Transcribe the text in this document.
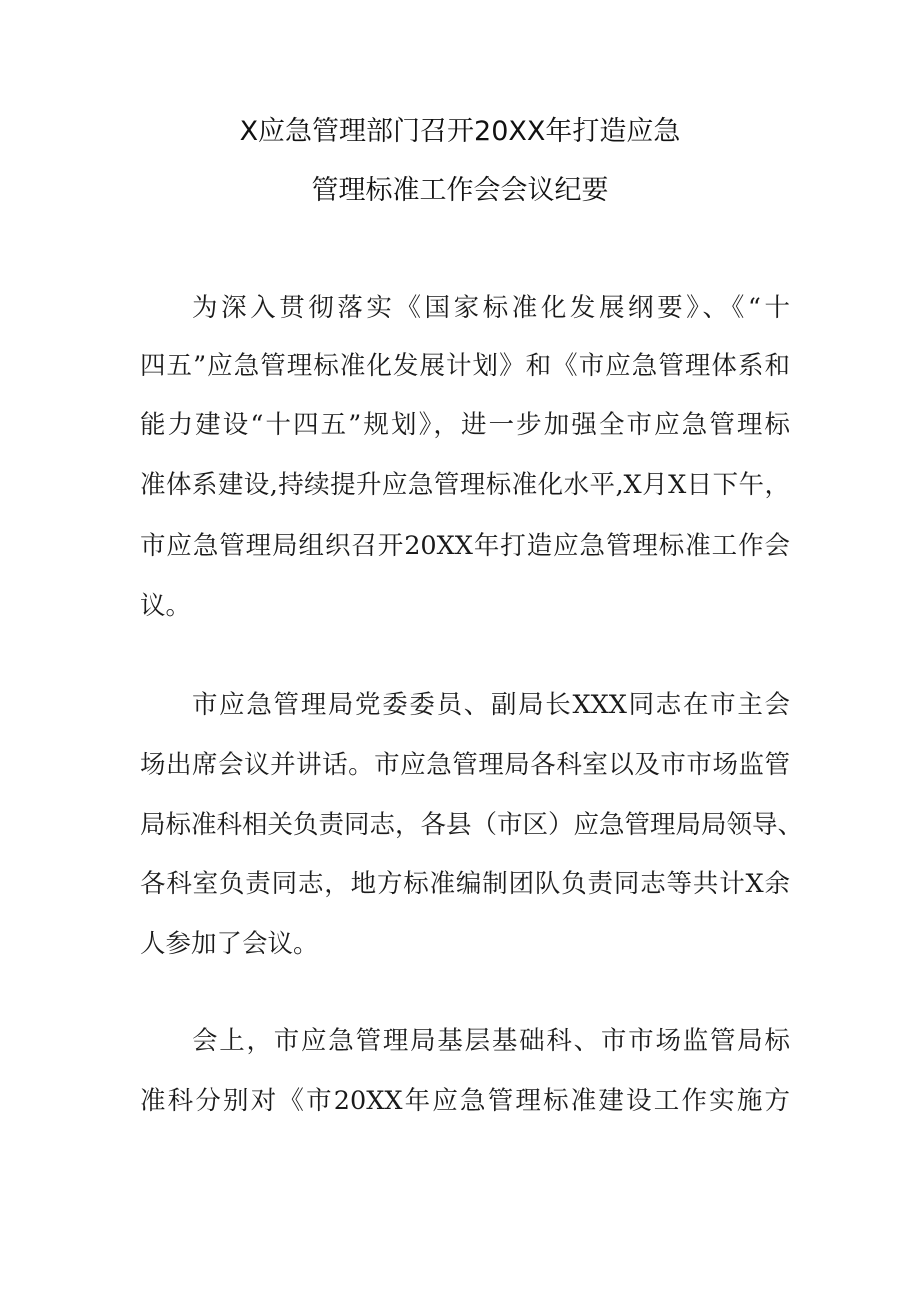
X应急管理部门召开20XX年打造应急
管理标准工作会会议纪要
为深入贯彻落实《国家标准化发展纲要》、《“十
四五”应急管理标准化发展计划》和《市应急管理体系和
能力建设“十四五”规划》，进一步加强全市应急管理标
准体系建设,持续提升应急管理标准化水平,X月X日下午，
市应急管理局组织召开20XX年打造应急管理标准工作会
议。
市应急管理局党委委员、副局长XXX同志在市主会
场出席会议并讲话。市应急管理局各科室以及市市场监管
局标准科相关负责同志，各县（市区）应急管理局局领导、
各科室负责同志，地方标准编制团队负责同志等共计X余
人参加了会议。
会上，市应急管理局基层基础科、市市场监管局标
准科分别对《市20XX年应急管理标准建设工作实施方
